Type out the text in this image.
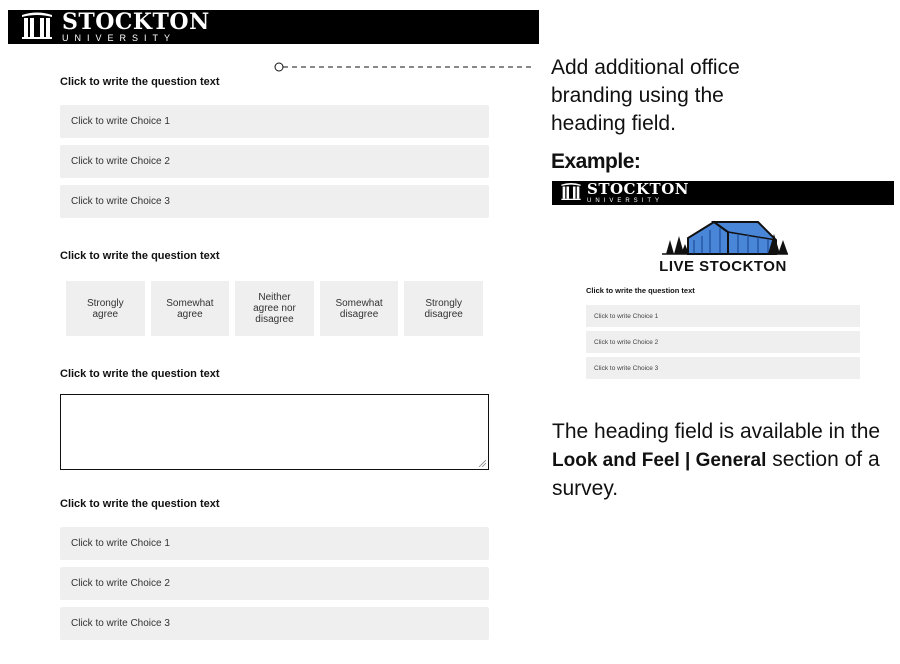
STOCKTON
UNIVERSITY
Click to write the question text
Click to write Choice 1
Click to write Choice 2
Click to write Choice 3
Click to write the question text
Strongly
agree
Somewhat
agree
Neither
agree nor
disagree
Somewhat
disagree
Strongly
disagree
Click to write the question text
Click to write the question text
Click to write Choice 1
Click to write Choice 2
Click to write Choice 3
Add additional office
branding using the
heading field.
Example:
STOCKTON
UNIVERSITY
LIVE STOCKTON
Click to write the question text
Click to write Choice 1
Click to write Choice 2
Click to write Choice 3
The heading field is available in the Look and Feel | General section of a survey.
